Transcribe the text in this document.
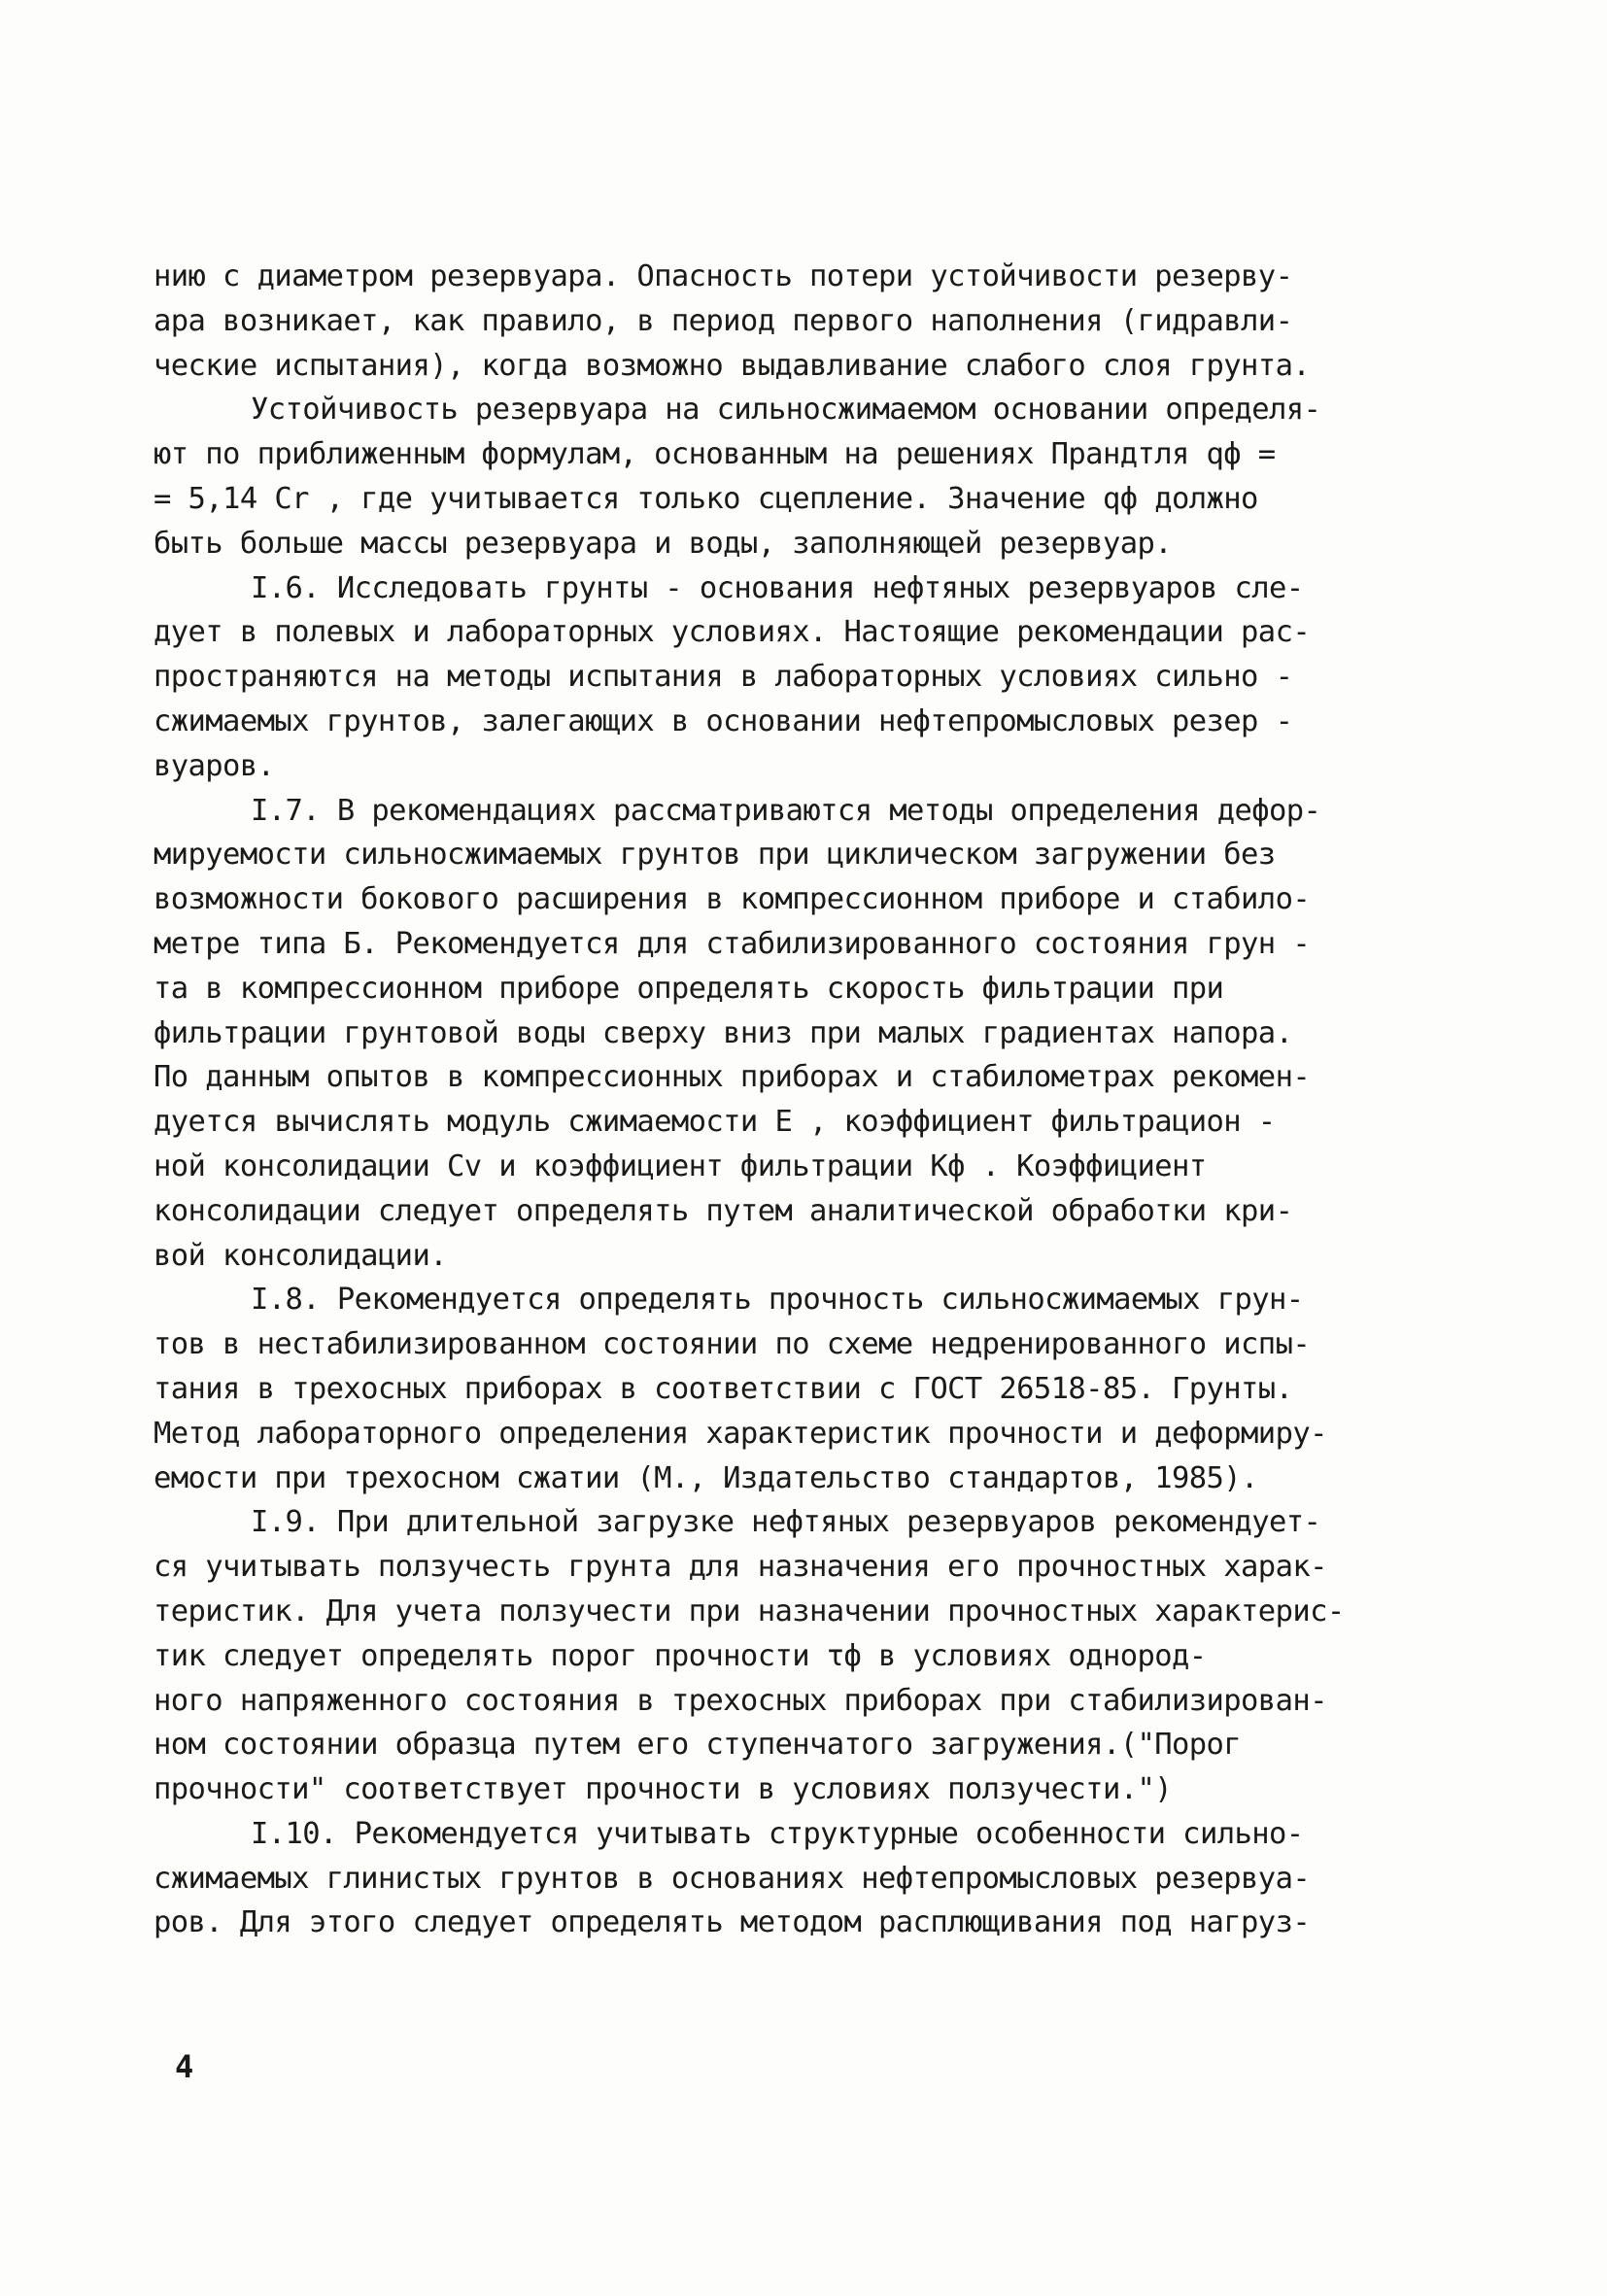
нию с диаметром резервуара. Опасность потери устойчивости резерву-
ара возникает, как правило, в период первого наполнения (гидравли-
ческие испытания), когда возможно выдавливание слабого слоя грунта.
Устойчивость резервуара на сильносжимаемом основании определя-
ют по приближенным формулам, основанным на решениях Прандтля qф =
= 5,14 Cr , где учитывается только сцепление. Значение qф должно
быть больше массы резервуара и воды, заполняющей резервуар.
I.6. Исследовать грунты - основания нефтяных резервуаров сле-
дует в полевых и лабораторных условиях. Настоящие рекомендации рас-
пространяются на методы испытания в лабораторных условиях сильно -
сжимаемых грунтов, залегающих в основании нефтепромысловых резер -
вуаров.
I.7. В рекомендациях рассматриваются методы определения дефор-
мируемости сильносжимаемых грунтов при циклическом загружении без
возможности бокового расширения в компрессионном приборе и стабило-
метре типа Б. Рекомендуется для стабилизированного состояния грун -
та в компрессионном приборе определять скорость фильтрации при
фильтрации грунтовой воды сверху вниз при малых градиентах напора.
По данным опытов в компрессионных приборах и стабилометрах рекомен-
дуется вычислять модуль сжимаемости E , коэффициент фильтрацион -
ной консолидации Cv и коэффициент фильтрации Kф . Коэффициент
консолидации следует определять путем аналитической обработки кри-
вой консолидации.
I.8. Рекомендуется определять прочность сильносжимаемых грун-
тов в нестабилизированном состоянии по схеме недренированного испы-
тания в трехосных приборах в соответствии с ГОСТ 26518-85. Грунты.
Метод лабораторного определения характеристик прочности и деформиру-
емости при трехосном сжатии (М., Издательство стандартов, 1985).
I.9. При длительной загрузке нефтяных резервуаров рекомендует-
ся учитывать ползучесть грунта для назначения его прочностных харак-
теристик. Для учета ползучести при назначении прочностных характерис-
тик следует определять порог прочности τф в условиях однород-
ного напряженного состояния в трехосных приборах при стабилизирован-
ном состоянии образца путем его ступенчатого загружения.("Порог
прочности" соответствует прочности в условиях ползучести.")
I.10. Рекомендуется учитывать структурные особенности сильно-
сжимаемых глинистых грунтов в основаниях нефтепромысловых резервуа-
ров. Для этого следует определять методом расплющивания под нагруз-
4
